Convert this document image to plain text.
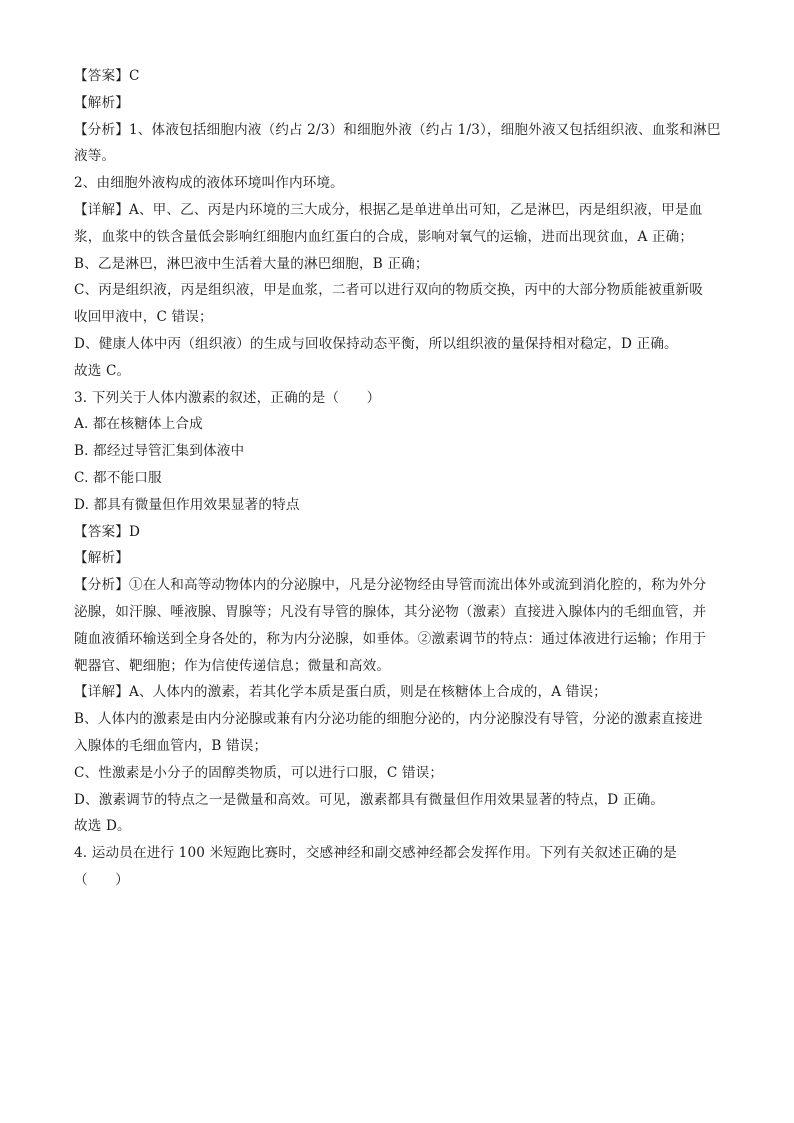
【答案】C
【解析】
【分析】1、体液包括细胞内液（约占 2/3）和细胞外液（约占 1/3），细胞外液又包括组织液、血浆和淋巴
液等。
2、由细胞外液构成的液体环境叫作内环境。
【详解】A、甲、乙、丙是内环境的三大成分，根据乙是单进单出可知，乙是淋巴，丙是组织液，甲是血
浆，血浆中的铁含量低会影响红细胞内血红蛋白的合成，影响对氧气的运输，进而出现贫血，A 正确；
B、乙是淋巴，淋巴液中生活着大量的淋巴细胞，B 正确；
C、丙是组织液，丙是组织液，甲是血浆，二者可以进行双向的物质交换，丙中的大部分物质能被重新吸
收回甲液中，C 错误；
D、健康人体中丙（组织液）的生成与回收保持动态平衡，所以组织液的量保持相对稳定，D 正确。
故选 C。
3. 下列关于人体内激素的叙述，正确的是（　　）
A. 都在核糖体上合成
B. 都经过导管汇集到体液中
C. 都不能口服
D. 都具有微量但作用效果显著的特点
【答案】D
【解析】
【分析】①在人和高等动物体内的分泌腺中，凡是分泌物经由导管而流出体外或流到消化腔的，称为外分
泌腺，如汗腺、唾液腺、胃腺等；凡没有导管的腺体，其分泌物（激素）直接进入腺体内的毛细血管，并
随血液循环输送到全身各处的，称为内分泌腺，如垂体。②激素调节的特点：通过体液进行运输；作用于
靶器官、靶细胞；作为信使传递信息；微量和高效。
【详解】A、人体内的激素，若其化学本质是蛋白质，则是在核糖体上合成的，A 错误；
B、人体内的激素是由内分泌腺或兼有内分泌功能的细胞分泌的，内分泌腺没有导管，分泌的激素直接进
入腺体的毛细血管内，B 错误；
C、性激素是小分子的固醇类物质，可以进行口服，C 错误；
D、激素调节的特点之一是微量和高效。可见，激素都具有微量但作用效果显著的特点，D 正确。
故选 D。
4. 运动员在进行 100 米短跑比赛时，交感神经和副交感神经都会发挥作用。下列有关叙述正确的是
（　　）
